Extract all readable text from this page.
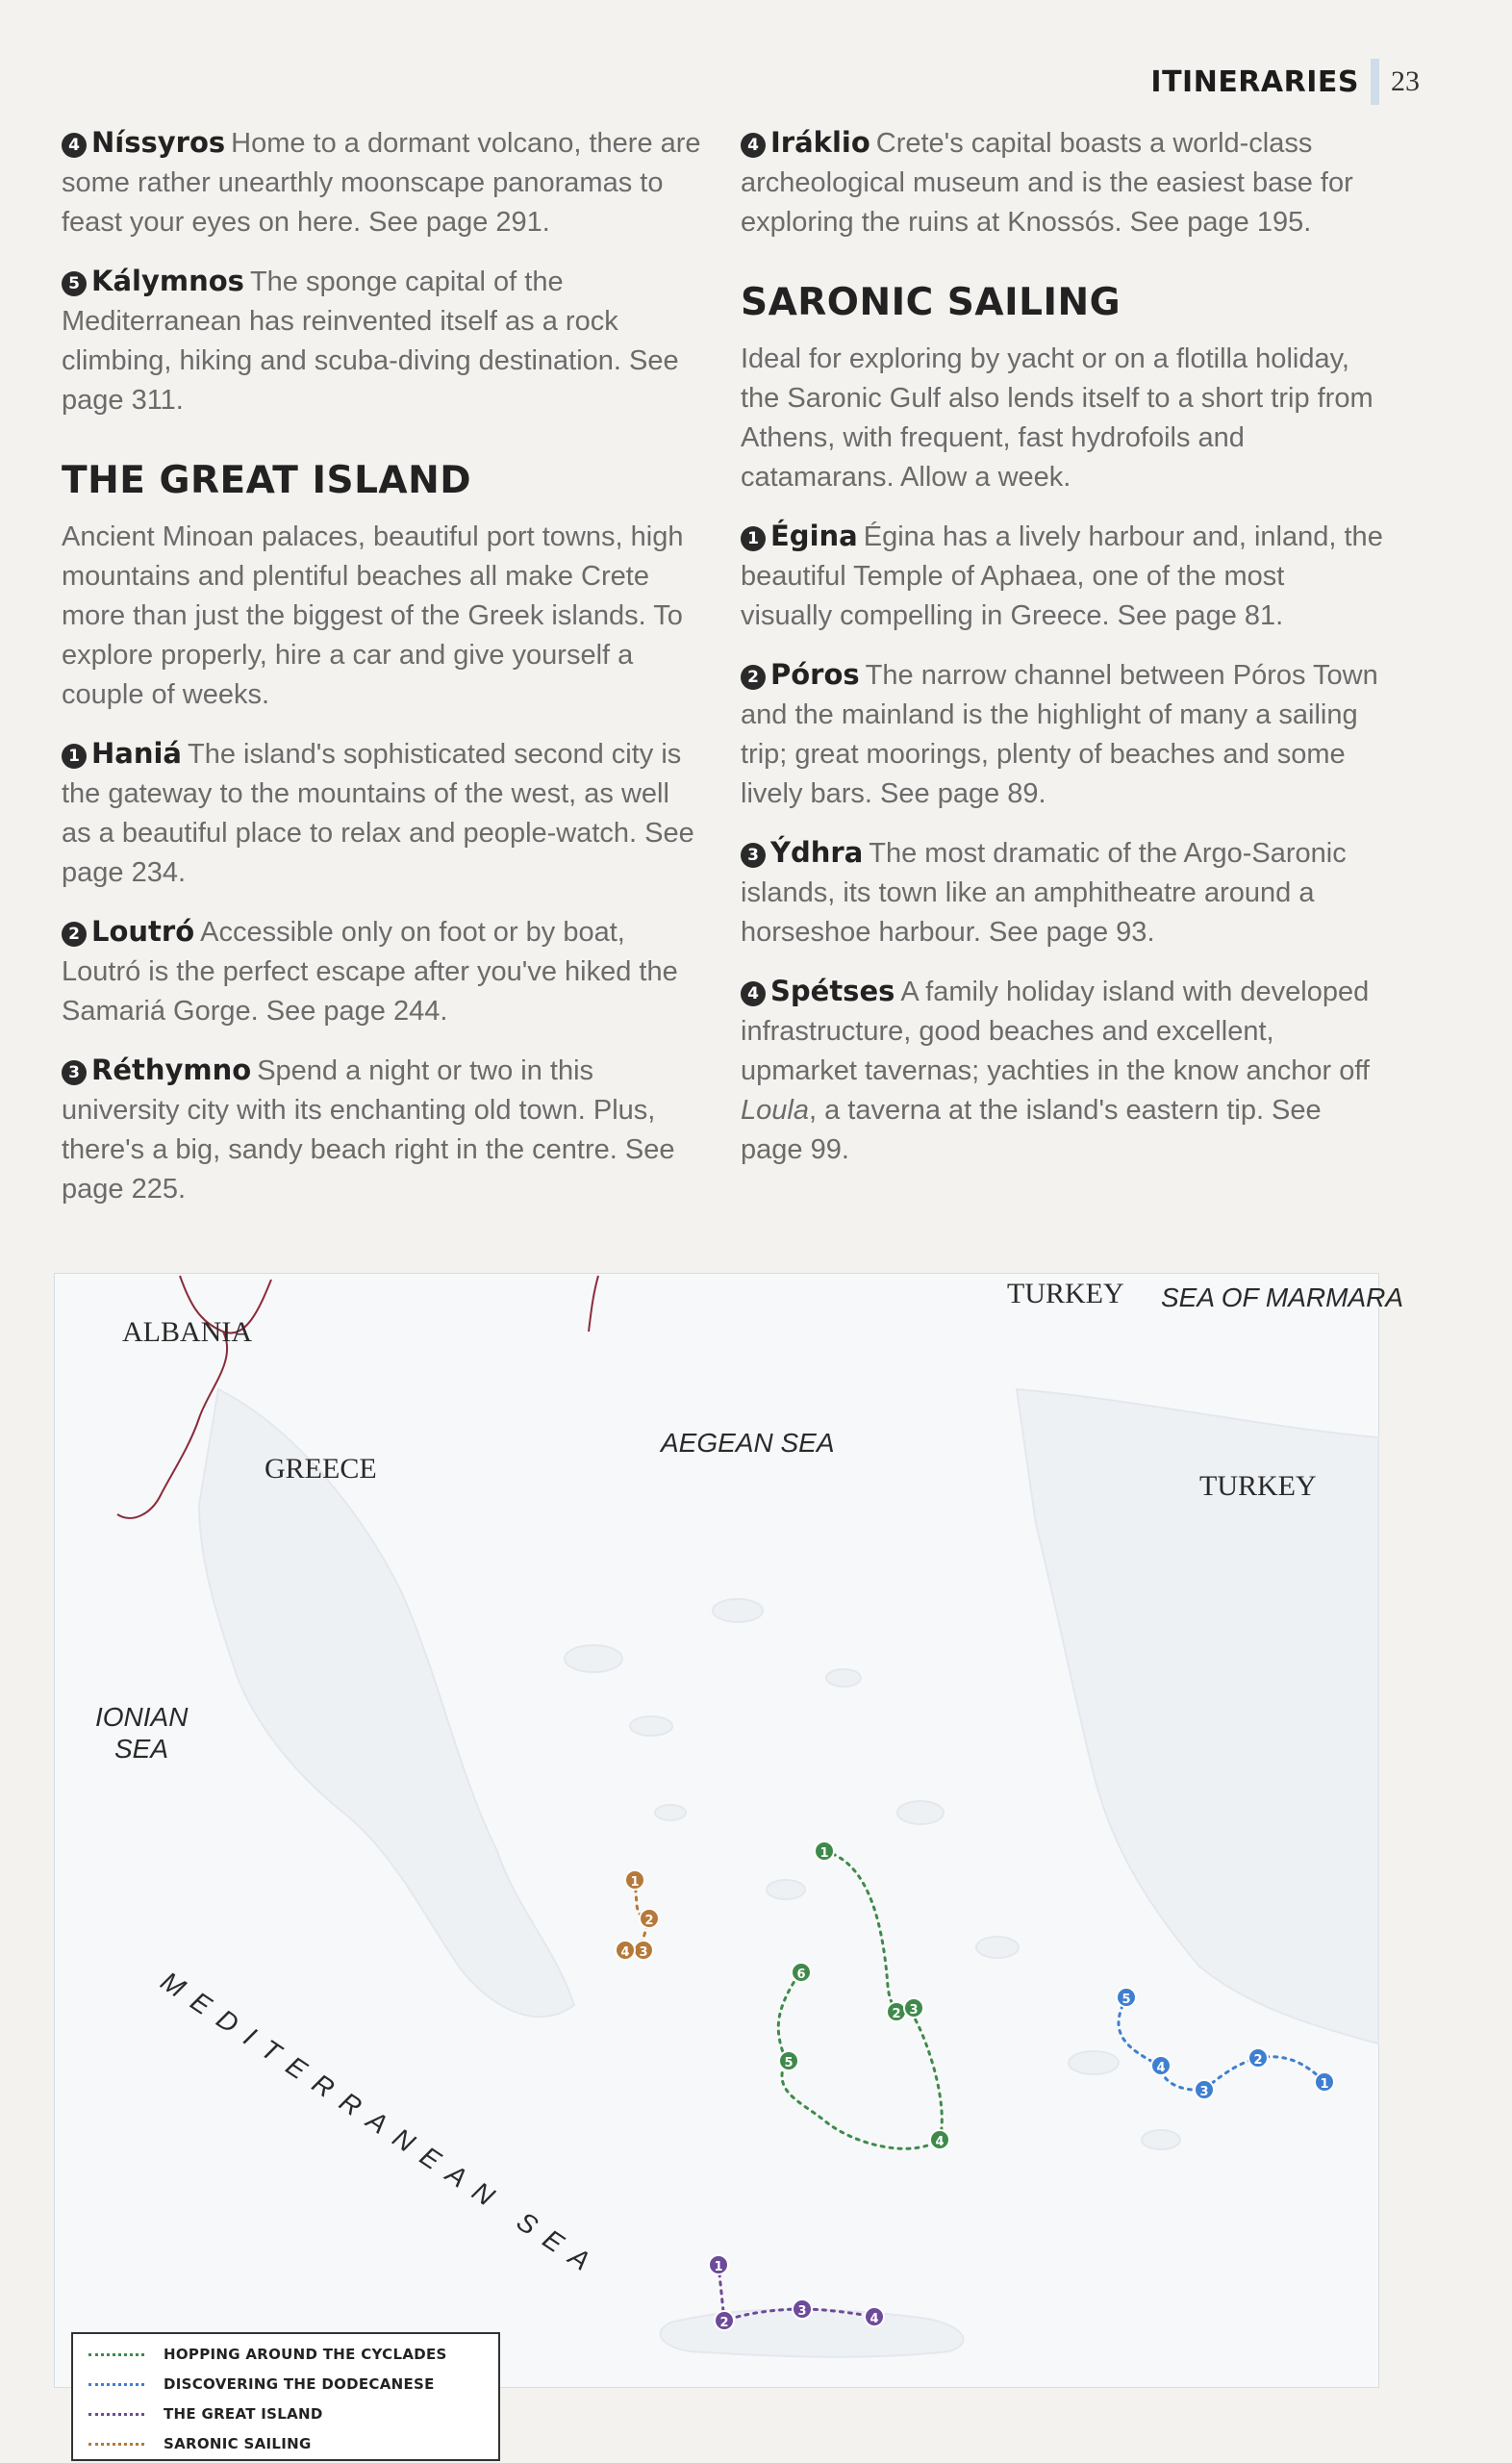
ITINERARIES 23

4 Níssyros Home to a dormant volcano, there are some rather unearthly moonscape panoramas to feast your eyes on here. See page 291.

5 Kálymnos The sponge capital of the Mediterranean has reinvented itself as a rock climbing, hiking and scuba-diving destination. See page 311.

THE GREAT ISLAND

Ancient Minoan palaces, beautiful port towns, high mountains and plentiful beaches all make Crete more than just the biggest of the Greek islands. To explore properly, hire a car and give yourself a couple of weeks.

1 Haniá The island's sophisticated second city is the gateway to the mountains of the west, as well as a beautiful place to relax and people-watch. See page 234.

2 Loutró Accessible only on foot or by boat, Loutró is the perfect escape after you've hiked the Samariá Gorge. See page 244.

3 Réthymno Spend a night or two in this university city with its enchanting old town. Plus, there's a big, sandy beach right in the centre. See page 225.

4 Iráklio Crete's capital boasts a world-class archeological museum and is the easiest base for exploring the ruins at Knossós. See page 195.

SARONIC SAILING

Ideal for exploring by yacht or on a flotilla holiday, the Saronic Gulf also lends itself to a short trip from Athens, with frequent, fast hydrofoils and catamarans. Allow a week.

1 Égina Égina has a lively harbour and, inland, the beautiful Temple of Aphaea, one of the most visually compelling in Greece. See page 81.

2 Póros The narrow channel between Póros Town and the mainland is the highlight of many a sailing trip; great moorings, plenty of beaches and some lively bars. See page 89.

3 Ýdhra The most dramatic of the Argo-Saronic islands, its town like an amphitheatre around a horseshoe harbour. See page 93.

4 Spétses A family holiday island with developed infrastructure, good beaches and excellent, upmarket tavernas; yachties in the know anchor off Loula, a taverna at the island's eastern tip. See page 99.

ALBANIA
GREECE
TURKEY
TURKEY
SEA OF MARMARA
AEGEAN SEA
IONIAN
SEA
MEDITERRANEAN SEA
1
2
3
4
1
2 3
4
5
6
1
2
3
4
5
1
2
3
4
HOPPING AROUND THE CYCLADES
DISCOVERING THE DODECANESE
THE GREAT ISLAND
SARONIC SAILING
